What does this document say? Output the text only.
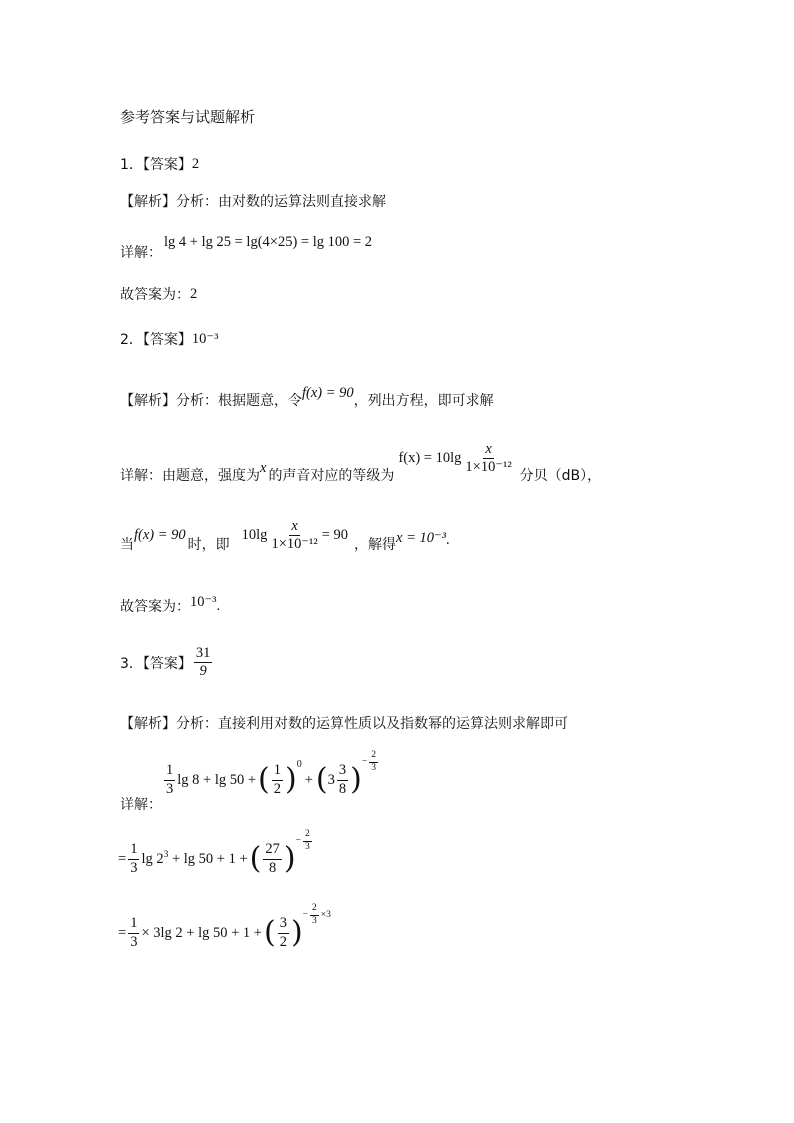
参考答案与试题解析
1．【答案】 2
【解析】 分析：由对数的运算法则直接求解
详解：
lg 4 + lg 25 = lg(4×25) = lg 100 = 2
故答案为： 2
2．【答案】 10⁻³
【解析】 分析：根据题意，令
f(x) = 90
，列出方程，即可求解
详解：由题意，强度为 x 的声音对应的等级为
$f(x) = 10\lg \frac{x}{\text{1×10⁻¹²}}$
分贝（dB），
当
f(x) = 90
时，即
$10\lg \frac{x}{\text{1×10⁻¹²}} = 90$
，解得 x = 10⁻³ .
故答案为： 10⁻³ .
3．【答案】 $\frac{31}{9}$
【解析】 分析：直接利用对数的运算性质以及指数幂的运算法则求解即可
详解：
$\frac{1}{3}$ lg 8 + lg 50 + ( $\frac{1}{2}$ ) 0
+ ( $3 \frac{3}{8}$ ) − $\frac{2}{3}$
= $\frac{1}{3}$ $\lg 2^3 + \lg 50 + 1$ + ( $\frac{27}{8}$ ) − $\frac{2}{3}$
= $\frac{1}{3} \times 3\lg$ 2 + lg 50 + 1 + ( $\frac{3}{2}$ ) − $\frac{2}{3} \times 3$
